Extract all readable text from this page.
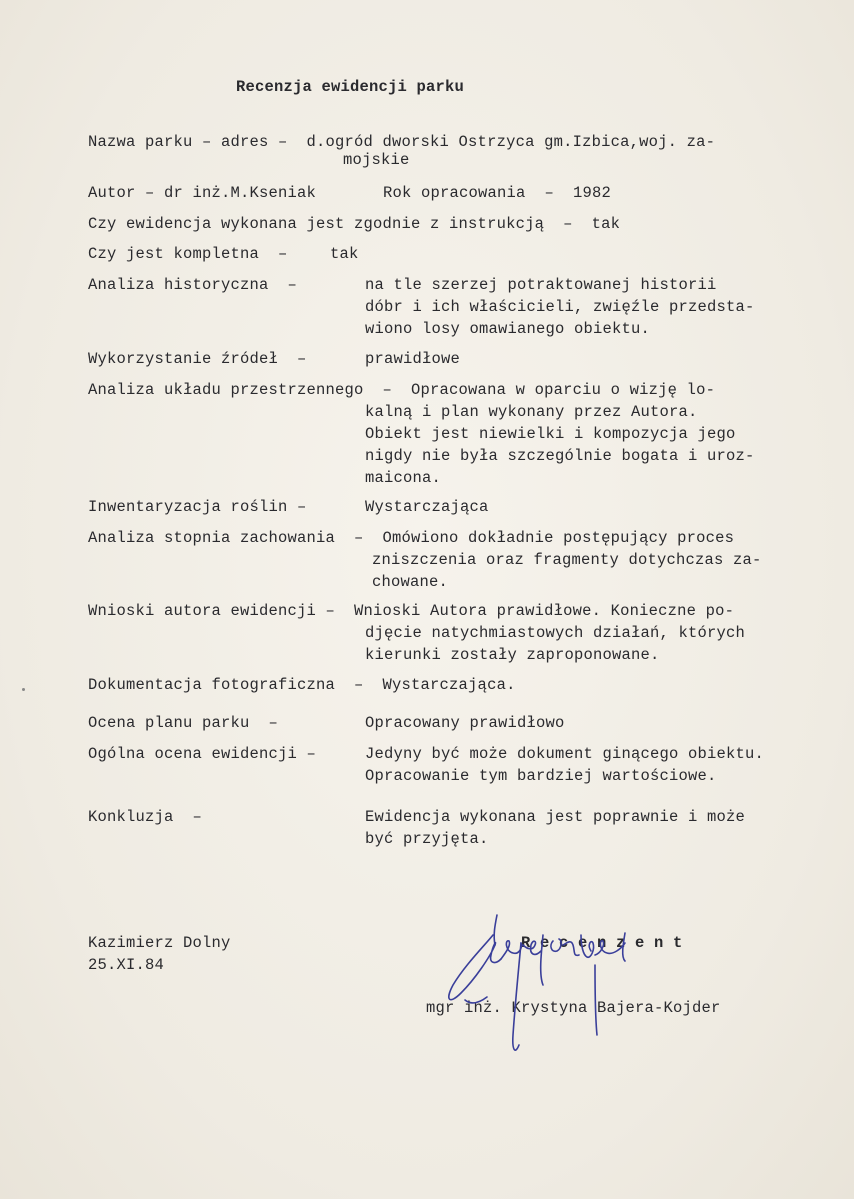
Recenzja ewidencji parku
Nazwa parku – adres –  d.ogród dworski Ostrzyca gm.Izbica,woj. za-
mojskie
Autor – dr inż.M.Kseniak	Rok opracowania  –  1982
Czy ewidencja wykonana jest zgodnie z instrukcją  –  tak
Czy jest kompletna  –	tak
Analiza historyczna  –	na tle szerzej potraktowanej historii
dóbr i ich właścicieli, zwięźle przedsta-
wiono losy omawianego obiektu.
Wykorzystanie źródeł  –	prawidłowe
Analiza układu przestrzennego  –  Opracowana w oparciu o wizję lo-
kalną i plan wykonany przez Autora.
Obiekt jest niewielki i kompozycja jego
nigdy nie była szczególnie bogata i uroz-
maicona.
Inwentaryzacja roślin –	Wystarczająca
Analiza stopnia zachowania  –  Omówiono dokładnie postępujący proces
zniszczenia oraz fragmenty dotychczas za-
chowane.
Wnioski autora ewidencji –  Wnioski Autora prawidłowe. Konieczne po-
djęcie natychmiastowych działań, których
kierunki zostały zaproponowane.
Dokumentacja fotograficzna  –  Wystarczająca.
Ocena planu parku  –	Opracowany prawidłowo
Ogólna ocena ewidencji –	Jedyny być może dokument ginącego obiektu.
Opracowanie tym bardziej wartościowe.
Konkluzja  –	Ewidencja wykonana jest poprawnie i może
być przyjęta.
Kazimierz Dolny
25.XI.84
R e c e n z e n t
mgr inż. Krystyna Bajera-Kojder
